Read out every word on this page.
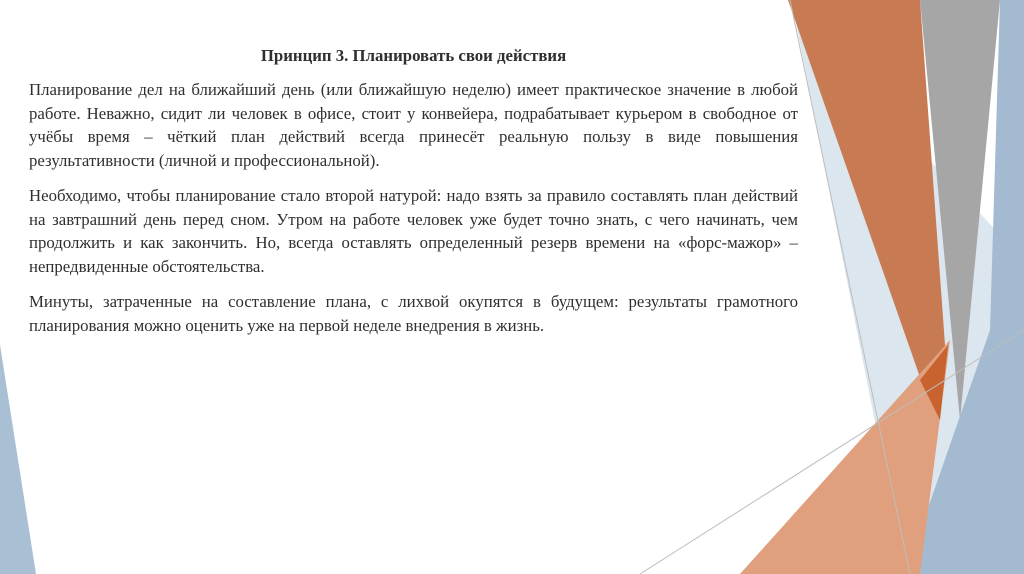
Принцип 3. Планировать свои действия
Планирование дел на ближайший день (или ближайшую неделю) имеет практическое значение в любой работе. Неважно, сидит ли человек в офисе, стоит у конвейера, подрабатывает курьером в свободное от учёбы время – чёткий план действий всегда принесёт реальную пользу в виде повышения результативности (личной и профессиональной).
Необходимо, чтобы планирование стало второй натурой: надо взять за правило составлять план действий на завтрашний день перед сном. Утром на работе человек уже будет точно знать, с чего начинать, чем продолжить и как закончить. Но, всегда оставлять определенный резерв времени на «форс-мажор» – непредвиденные обстоятельства.
Минуты, затраченные на составление плана, с лихвой окупятся в будущем: результаты грамотного планирования можно оценить уже на первой неделе внедрения в жизнь.
